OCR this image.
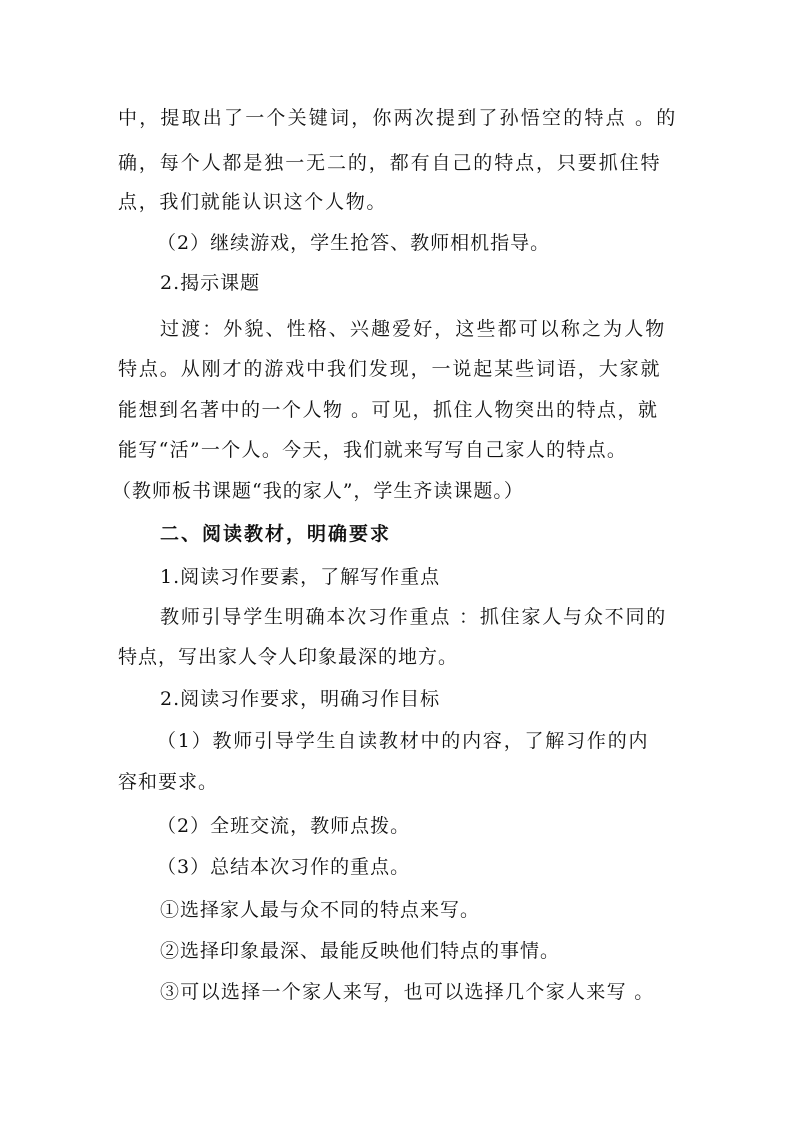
中，提取出了一个关键词，你两次提到了孙悟空的特点 。的
确，每个人都是独一无二的，都有自己的特点，只要抓住特
点，我们就能认识这个人物。
（2）继续游戏，学生抢答、教师相机指导。
2.揭示课题
过渡：外貌、性格、兴趣爱好，这些都可以称之为人物
特点。从刚才的游戏中我们发现，一说起某些词语，大家就
能想到名著中的一个人物 。可见，抓住人物突出的特点，就
能写“活”一个人。今天，我们就来写写自己家人的特点。
（教师板书课题“我的家人”，学生齐读课题。）
二、阅读教材，明确要求
1.阅读习作要素，了解写作重点
教师引导学生明确本次习作重点 ：抓住家人与众不同的
特点，写出家人令人印象最深的地方。
2.阅读习作要求，明确习作目标
（1）教师引导学生自读教材中的内容，了解习作的内
容和要求。
（2）全班交流，教师点拨。
（3）总结本次习作的重点。
①选择家人最与众不同的特点来写。
②选择印象最深、最能反映他们特点的事情。
③可以选择一个家人来写，也可以选择几个家人来写 。
